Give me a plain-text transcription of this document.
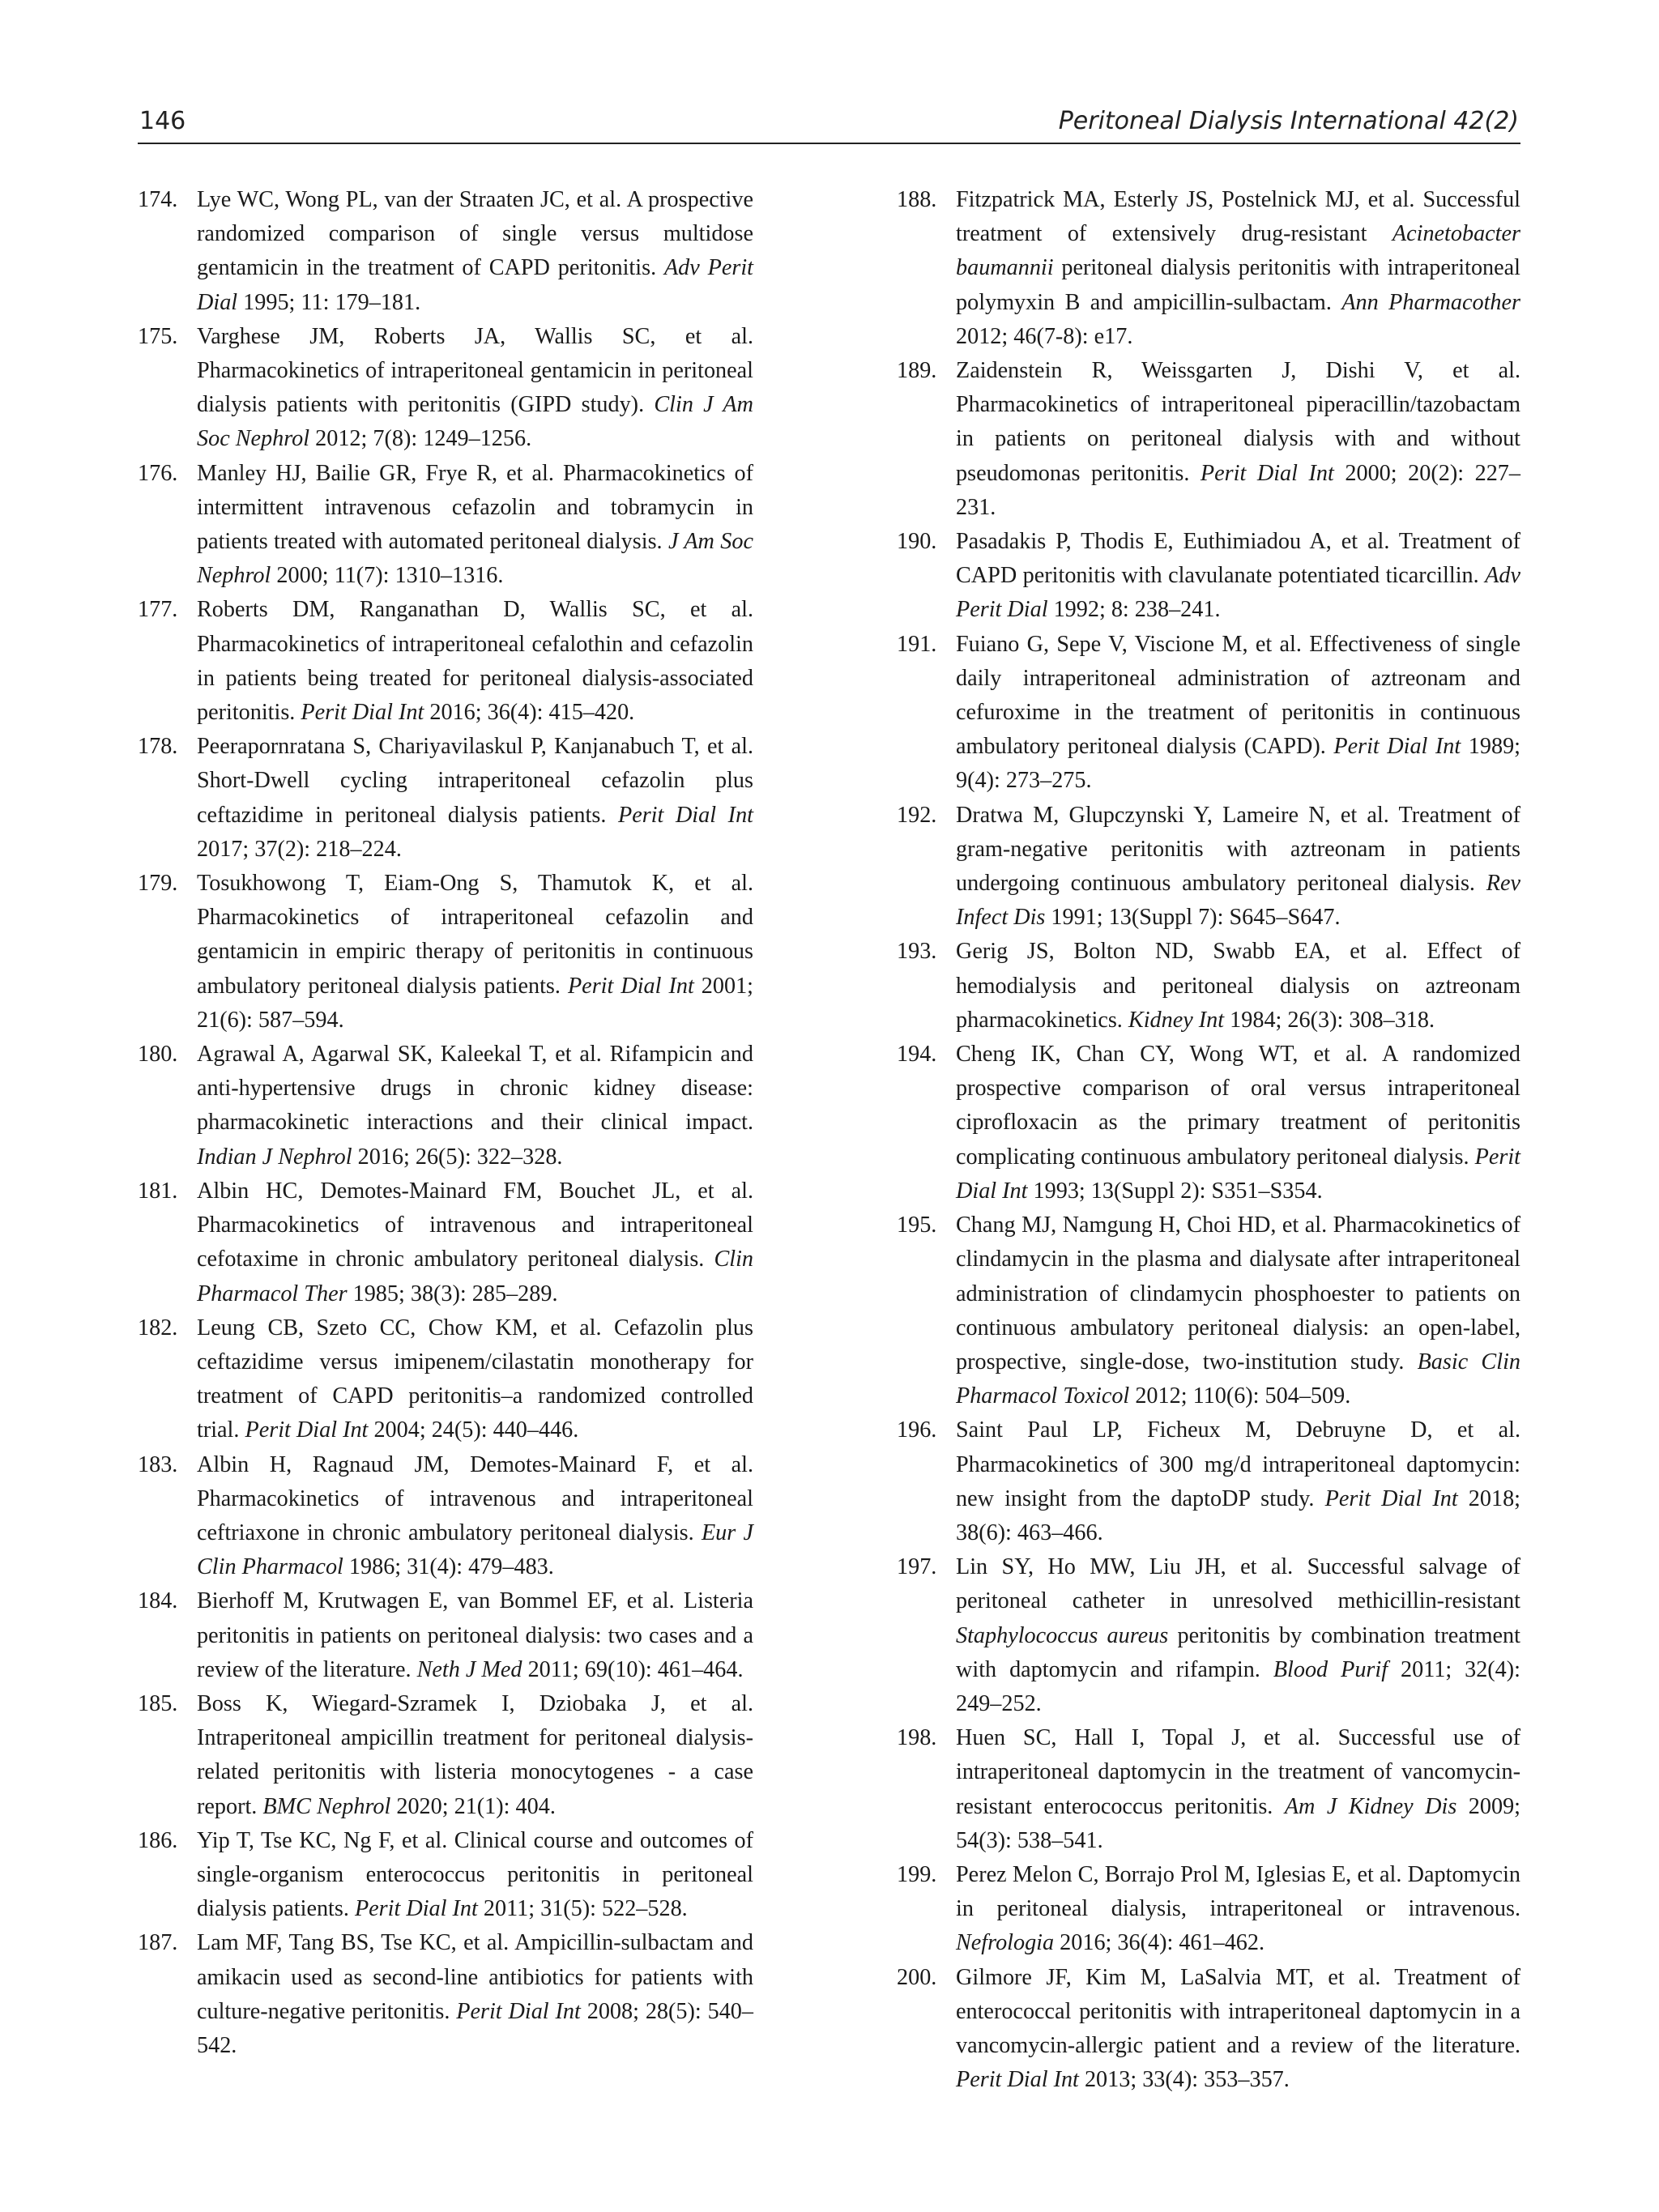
146	Peritoneal Dialysis International 42(2)

174. Lye WC, Wong PL, van der Straaten JC, et al. A prospective randomized comparison of single versus multidose gentamicin in the treatment of CAPD peritonitis. Adv Perit Dial 1995; 11: 179–181.

175. Varghese JM, Roberts JA, Wallis SC, et al. Pharmacokinetics of intraperitoneal gentamicin in peritoneal dialysis patients with peritonitis (GIPD study). Clin J Am Soc Nephrol 2012; 7(8): 1249–1256.

176. Manley HJ, Bailie GR, Frye R, et al. Pharmacokinetics of intermittent intravenous cefazolin and tobramycin in patients treated with automated peritoneal dialysis. J Am Soc Nephrol 2000; 11(7): 1310–1316.

177. Roberts DM, Ranganathan D, Wallis SC, et al. Pharmacokinetics of intraperitoneal cefalothin and cefazolin in patients being treated for peritoneal dialysis-associated peritonitis. Perit Dial Int 2016; 36(4): 415–420.

178. Peerapornratana S, Chariyavilaskul P, Kanjanabuch T, et al. Short-Dwell cycling intraperitoneal cefazolin plus ceftazidime in peritoneal dialysis patients. Perit Dial Int 2017; 37(2): 218–224.

179. Tosukhowong T, Eiam-Ong S, Thamutok K, et al. Pharmacokinetics of intraperitoneal cefazolin and gentamicin in empiric therapy of peritonitis in continuous ambulatory peritoneal dialysis patients. Perit Dial Int 2001; 21(6): 587–594.

180. Agrawal A, Agarwal SK, Kaleekal T, et al. Rifampicin and anti-hypertensive drugs in chronic kidney disease: pharmacokinetic interactions and their clinical impact. Indian J Nephrol 2016; 26(5): 322–328.

181. Albin HC, Demotes-Mainard FM, Bouchet JL, et al. Pharmacokinetics of intravenous and intraperitoneal cefotaxime in chronic ambulatory peritoneal dialysis. Clin Pharmacol Ther 1985; 38(3): 285–289.

182. Leung CB, Szeto CC, Chow KM, et al. Cefazolin plus ceftazidime versus imipenem/cilastatin monotherapy for treatment of CAPD peritonitis–a randomized controlled trial. Perit Dial Int 2004; 24(5): 440–446.

183. Albin H, Ragnaud JM, Demotes-Mainard F, et al. Pharmacokinetics of intravenous and intraperitoneal ceftriaxone in chronic ambulatory peritoneal dialysis. Eur J Clin Pharmacol 1986; 31(4): 479–483.

184. Bierhoff M, Krutwagen E, van Bommel EF, et al. Listeria peritonitis in patients on peritoneal dialysis: two cases and a review of the literature. Neth J Med 2011; 69(10): 461–464.

185. Boss K, Wiegard-Szramek I, Dziobaka J, et al. Intraperitoneal ampicillin treatment for peritoneal dialysis-related peritonitis with listeria monocytogenes - a case report. BMC Nephrol 2020; 21(1): 404.

186. Yip T, Tse KC, Ng F, et al. Clinical course and outcomes of single-organism enterococcus peritonitis in peritoneal dialysis patients. Perit Dial Int 2011; 31(5): 522–528.

187. Lam MF, Tang BS, Tse KC, et al. Ampicillin-sulbactam and amikacin used as second-line antibiotics for patients with culture-negative peritonitis. Perit Dial Int 2008; 28(5): 540–542.

188. Fitzpatrick MA, Esterly JS, Postelnick MJ, et al. Successful treatment of extensively drug-resistant Acinetobacter baumannii peritoneal dialysis peritonitis with intraperitoneal polymyxin B and ampicillin-sulbactam. Ann Pharmacother 2012; 46(7-8): e17.

189. Zaidenstein R, Weissgarten J, Dishi V, et al. Pharmacokinetics of intraperitoneal piperacillin/tazobactam in patients on peritoneal dialysis with and without pseudomonas peritonitis. Perit Dial Int 2000; 20(2): 227–231.

190. Pasadakis P, Thodis E, Euthimiadou A, et al. Treatment of CAPD peritonitis with clavulanate potentiated ticarcillin. Adv Perit Dial 1992; 8: 238–241.

191. Fuiano G, Sepe V, Viscione M, et al. Effectiveness of single daily intraperitoneal administration of aztreonam and cefuroxime in the treatment of peritonitis in continuous ambulatory peritoneal dialysis (CAPD). Perit Dial Int 1989; 9(4): 273–275.

192. Dratwa M, Glupczynski Y, Lameire N, et al. Treatment of gram-negative peritonitis with aztreonam in patients undergoing continuous ambulatory peritoneal dialysis. Rev Infect Dis 1991; 13(Suppl 7): S645–S647.

193. Gerig JS, Bolton ND, Swabb EA, et al. Effect of hemodialysis and peritoneal dialysis on aztreonam pharmacokinetics. Kidney Int 1984; 26(3): 308–318.

194. Cheng IK, Chan CY, Wong WT, et al. A randomized prospective comparison of oral versus intraperitoneal ciprofloxacin as the primary treatment of peritonitis complicating continuous ambulatory peritoneal dialysis. Perit Dial Int 1993; 13(Suppl 2): S351–S354.

195. Chang MJ, Namgung H, Choi HD, et al. Pharmacokinetics of clindamycin in the plasma and dialysate after intraperitoneal administration of clindamycin phosphoester to patients on continuous ambulatory peritoneal dialysis: an open-label, prospective, single-dose, two-institution study. Basic Clin Pharmacol Toxicol 2012; 110(6): 504–509.

196. Saint Paul LP, Ficheux M, Debruyne D, et al. Pharmacokinetics of 300 mg/d intraperitoneal daptomycin: new insight from the daptoDP study. Perit Dial Int 2018; 38(6): 463–466.

197. Lin SY, Ho MW, Liu JH, et al. Successful salvage of peritoneal catheter in unresolved methicillin-resistant Staphylococcus aureus peritonitis by combination treatment with daptomycin and rifampin. Blood Purif 2011; 32(4): 249–252.

198. Huen SC, Hall I, Topal J, et al. Successful use of intraperitoneal daptomycin in the treatment of vancomycin-resistant enterococcus peritonitis. Am J Kidney Dis 2009; 54(3): 538–541.

199. Perez Melon C, Borrajo Prol M, Iglesias E, et al. Daptomycin in peritoneal dialysis, intraperitoneal or intravenous. Nefrologia 2016; 36(4): 461–462.

200. Gilmore JF, Kim M, LaSalvia MT, et al. Treatment of enterococcal peritonitis with intraperitoneal daptomycin in a vancomycin-allergic patient and a review of the literature. Perit Dial Int 2013; 33(4): 353–357.
